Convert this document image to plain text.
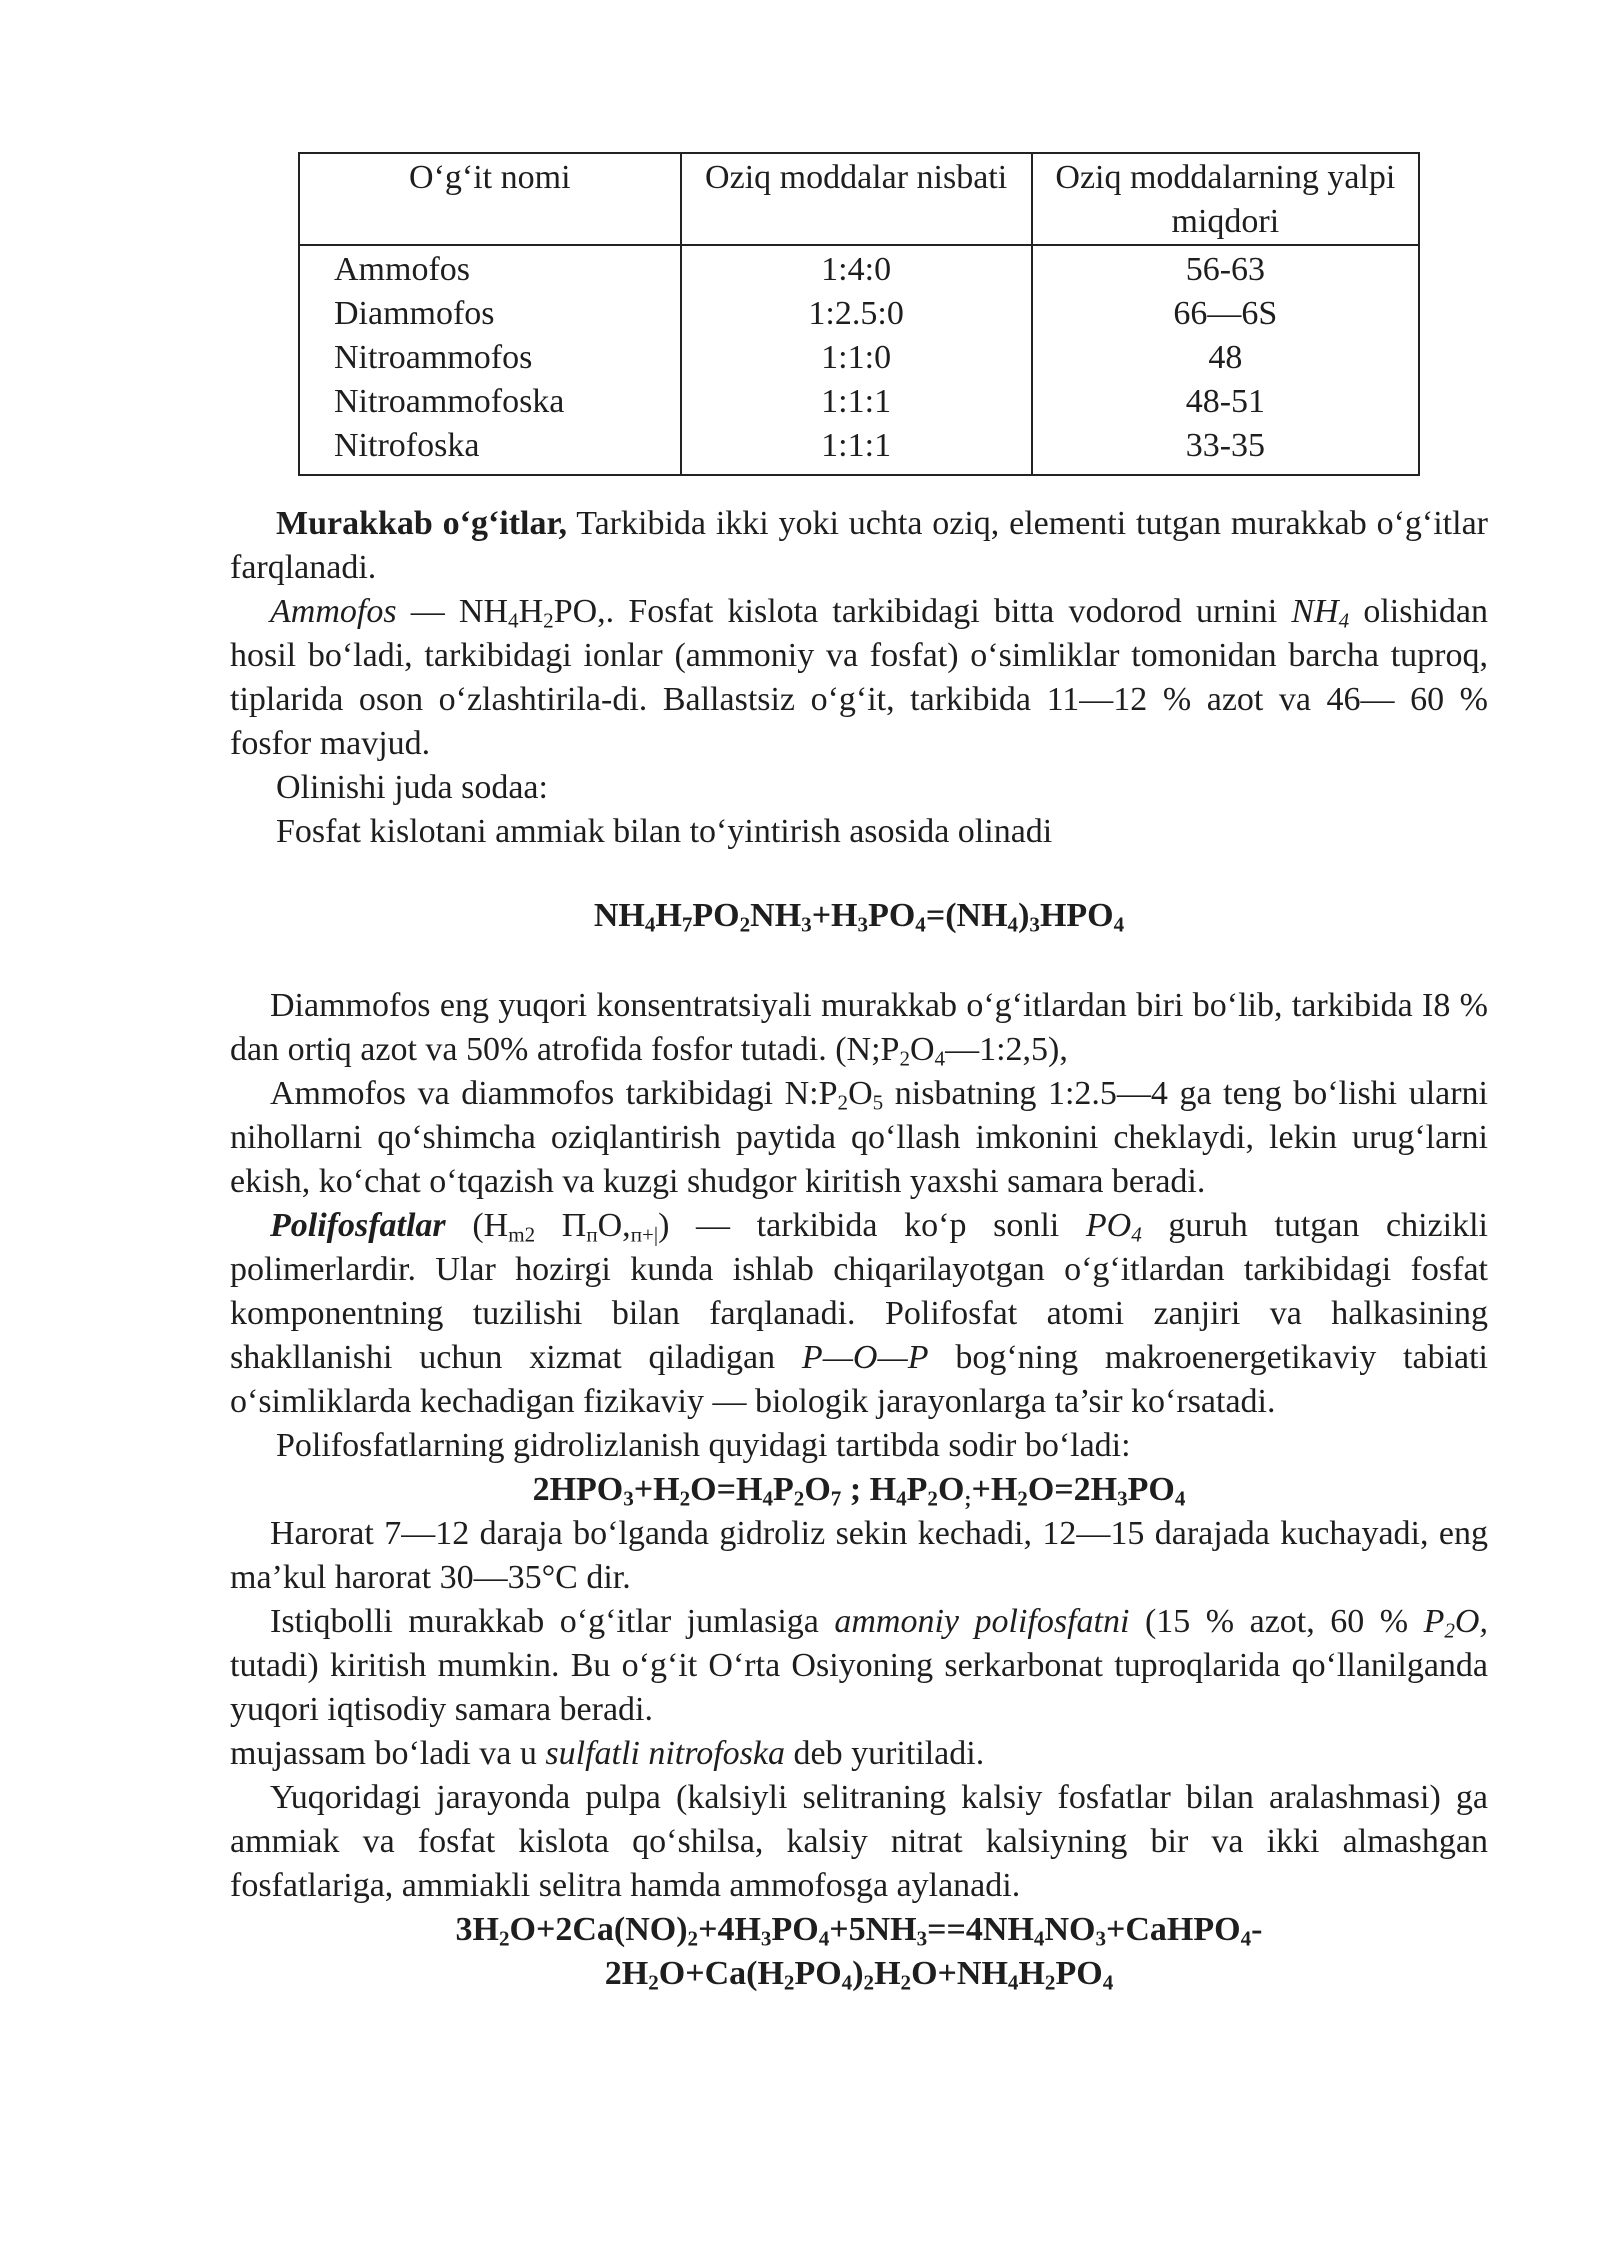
O‘g‘it nomi	Oziq moddalar nisbati	Oziq moddalarning yalpi miqdori
Ammofos	1:4:0	56-63
Diammofos	1:2.5:0	66—6S
Nitroammofos	1:1:0	48
Nitroammofoska	1:1:1	48-51
Nitrofoska	1:1:1	33-35

Murakkab o‘g‘itlar, Tarkibida ikki yoki uchta oziq, elementi tutgan murakkab o‘g‘itlar farqlanadi.

Ammofos — $NH_4H_2PO$,. Fosfat kislota tarkibidagi bitta vodorod urnini $NH_4$ olishidan hosil bo‘ladi, tarkibidagi ionlar (ammoniy va fosfat) o‘simliklar tomonidan barcha tuproq, tiplarida oson o‘zlashtirila-di. Ballastsiz o‘g‘it, tarkibida 11—12 % azot va 46— 60 % fosfor mavjud.

Olinishi juda sodaa:

Fosfat kislotani ammiak bilan to‘yintirish asosida olinadi

$NH_4H_7PO_2NH_3+H_3PO_4=(NH_4)_3HPO_4$

Diammofos eng yuqori konsentratsiyali murakkab o‘g‘itlardan biri bo‘lib, tarkibida I8 % dan ortiq azot va 50% atrofida fosfor tutadi. $(N;P_2O_4—1:2,5)$,

Ammofos va diammofos tarkibidagi $N:P_2O_5$ nisbatning 1:2.5—4 ga teng bo‘lishi ularni nihollarni qo‘shimcha oziqlantirish paytida qo‘llash imkonini cheklaydi, lekin urug‘larni ekish, ko‘chat o‘tqazish va kuzgi shudgor kiritish yaxshi samara beradi.

Polifosfatlar ($H_{m2}$ $П_пO,_{п+|}$) — tarkibida ko‘p sonli $PO_4$ guruh tutgan chizikli polimerlardir. Ular hozirgi kunda ishlab chiqarilayotgan o‘g‘itlardan tarkibidagi fosfat komponentning tuzilishi bilan farqlanadi. Polifosfat atomi zanjiri va halkasining shakllanishi uchun xizmat qiladigan P—O—P bog‘ning makroenergetikaviy tabiati o‘simliklarda kechadigan fizikaviy — biologik jarayonlarga ta’sir ko‘rsatadi.

Polifosfatlarning gidrolizlanish quyidagi tartibda sodir bo‘ladi:

$2HPO_3+H_2O=H_4P_2O_7$ ; $H_4P_2O_;+H_2O=2H_3PO_4$

Harorat 7—12 daraja bo‘lganda gidroliz sekin kechadi, 12—15 darajada kuchayadi, eng ma’kul harorat 30—35°C dir.

Istiqbolli murakkab o‘g‘itlar jumlasiga ammoniy polifosfatni (15 % azot, 60 % $P_2O$, tutadi) kiritish mumkin. Bu o‘g‘it O‘rta Osiyoning serkarbonat tuproqlarida qo‘llanilganda yuqori iqtisodiy samara beradi.

mujassam bo‘ladi va u sulfatli nitrofoska deb yuritiladi.

Yuqoridagi jarayonda pulpa (kalsiyli selitraning kalsiy fosfatlar bilan aralashmasi) ga ammiak va fosfat kislota qo‘shilsa, kalsiy nitrat kalsiyning bir va ikki almashgan fosfatlariga, ammiakli selitra hamda ammofosga aylanadi.

$3H_2O+2Ca(NO)_2+4H_3PO_4+5NH_3==4NH_4NO_3+CaHPO_4-$

$2H_2O+Ca(H_2PO_4)_2H_2O+NH_4H_2PO_4$
